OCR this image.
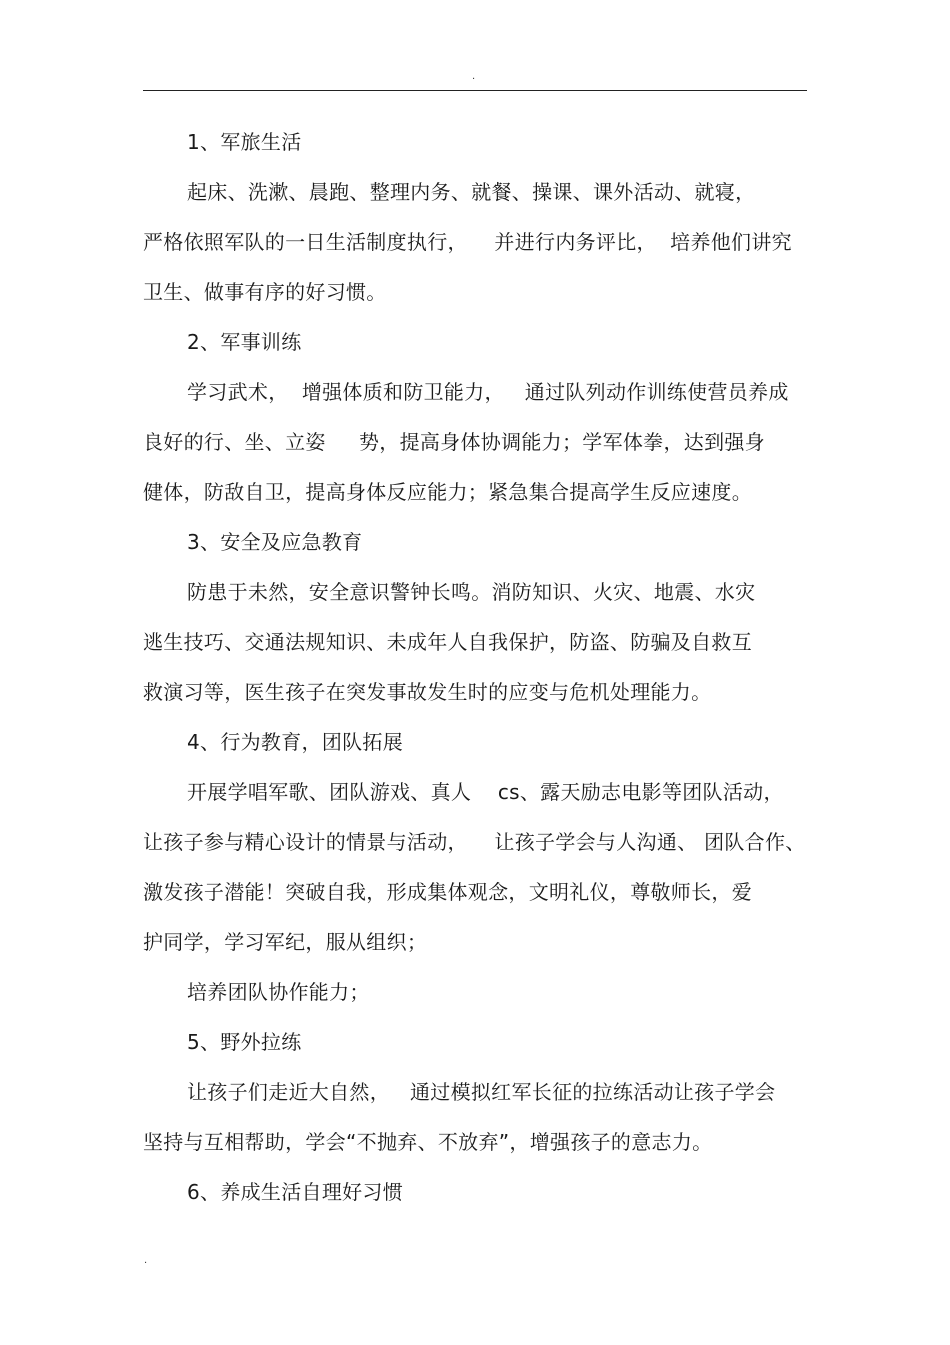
.
1、军旅生活
起床、洗漱、晨跑、整理内务、就餐、操课、课外活动、就寝，
严格依照军队的一日生活制度执行，    并进行内务评比，  培养他们讲究
卫生、做事有序的好习惯。
2、军事训练
学习武术，  增强体质和防卫能力，   通过队列动作训练使营员养成
良好的行、坐、立姿     势，提高身体协调能力；学军体拳，达到强身
健体，防敌自卫，提高身体反应能力；紧急集合提高学生反应速度。
3、安全及应急教育
防患于未然，安全意识警钟长鸣。消防知识、火灾、地震、水灾
逃生技巧、交通法规知识、未成年人自我保护，防盗、防骗及自救互
救演习等，医生孩子在突发事故发生时的应变与危机处理能力。
4、行为教育，团队拓展
开展学唱军歌、团队游戏、真人    cs、露天励志电影等团队活动，
让孩子参与精心设计的情景与活动，    让孩子学会与人沟通、 团队合作、
激发孩子潜能！突破自我，形成集体观念，文明礼仪，尊敬师长，爱
护同学，学习军纪，服从组织；
培养团队协作能力；
5、野外拉练
让孩子们走近大自然，   通过模拟红军长征的拉练活动让孩子学会
坚持与互相帮助，学会“不抛弃、不放弃”，增强孩子的意志力。
6、养成生活自理好习惯
.
